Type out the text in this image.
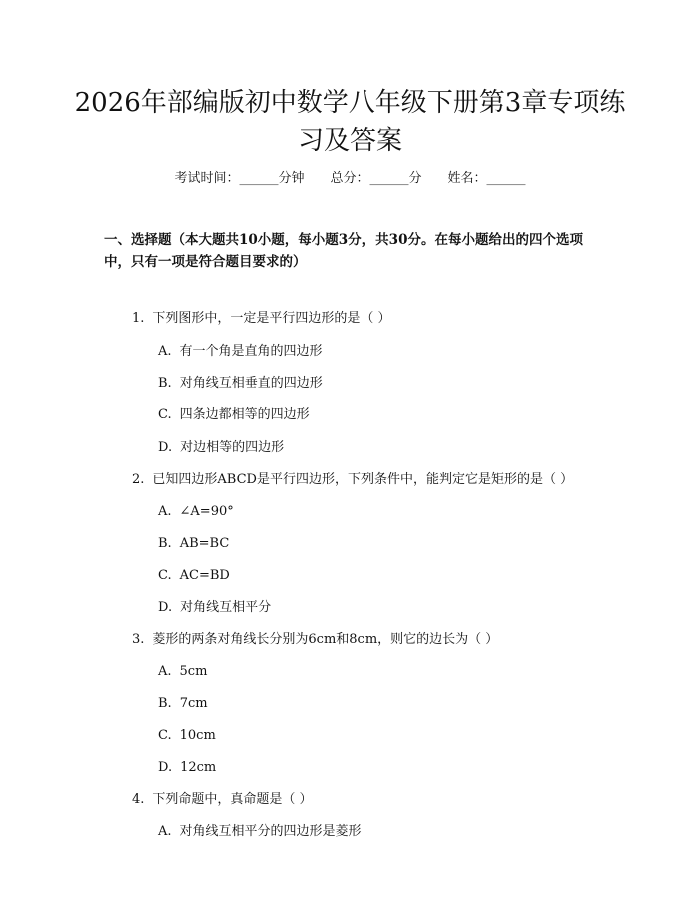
2026年部编版初中数学八年级下册第3章专项练习及答案
考试时间：______分钟 总分：______分 姓名：______

一、选择题（本大题共10小题，每小题3分，共30分。在每小题给出的四个选项中，只有一项是符合题目要求的）

1. 下列图形中，一定是平行四边形的是（ ）
A. 有一个角是直角的四边形
B. 对角线互相垂直的四边形
C. 四条边都相等的四边形
D. 对边相等的四边形
2. 已知四边形ABCD是平行四边形，下列条件中，能判定它是矩形的是（ ）
A. ∠A=90°
B. AB=BC
C. AC=BD
D. 对角线互相平分
3. 菱形的两条对角线长分别为6cm和8cm，则它的边长为（ ）
A. 5cm
B. 7cm
C. 10cm
D. 12cm
4. 下列命题中，真命题是（ ）
A. 对角线互相平分的四边形是菱形
